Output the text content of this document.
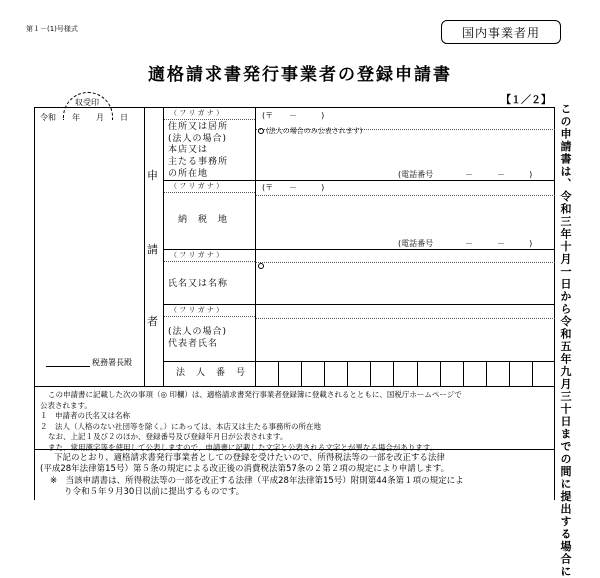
第１－(1)号様式	国内事業者用
適格請求書発行事業者の登録申請書
【１／２】
この申請書は、令和三年十月一日から令和五年九月三十日までの間に提出する場合に
収受印
令和　　年　　月　　日
税務署長殿
申
請
者
（ フ リ ガ ナ ）
住所又は居所
(法人の場合)
本店又は
主たる事務所
の所在地
(〒　　－　　　)
(法人の場合のみ公表されます)
(電話番号　　　　－　　　－　　　)
（ フ リ ガ ナ ）
納　税　地
(〒　　－　　　)
(電話番号　　　　－　　　－　　　)
（ フ リ ガ ナ ）
氏名又は名称
（ フ リ ガ ナ ）
(法人の場合)
代表者氏名
法　人　番　号
この申請書に記載した次の事項（◎ 印欄）は、適格請求書発行事業者登録簿に登載されるとともに、国税庁ホームページで
公表されます。
１　申請者の氏名又は名称
２　法人（人格のない社団等を除く。）にあっては、本店又は主たる事務所の所在地
なお、上記１及び２のほか、登録番号及び登録年月日が公表されます。
また、常用漢字等を使用して公表しますので、申請書に記載した文字と公表される文字とが異なる場合があります。
下記のとおり、適格請求書発行事業者としての登録を受けたいので、所得税法等の一部を改正する法律
(平成28年法律第15号）第５条の規定による改正後の消費税法第57条の２第２項の規定により申請します。
※　当該申請書は、所得税法等の一部を改正する法律（平成28年法律第15号）附則第44条第１項の規定によ
り令和５年９月30日以前に提出するものです。
